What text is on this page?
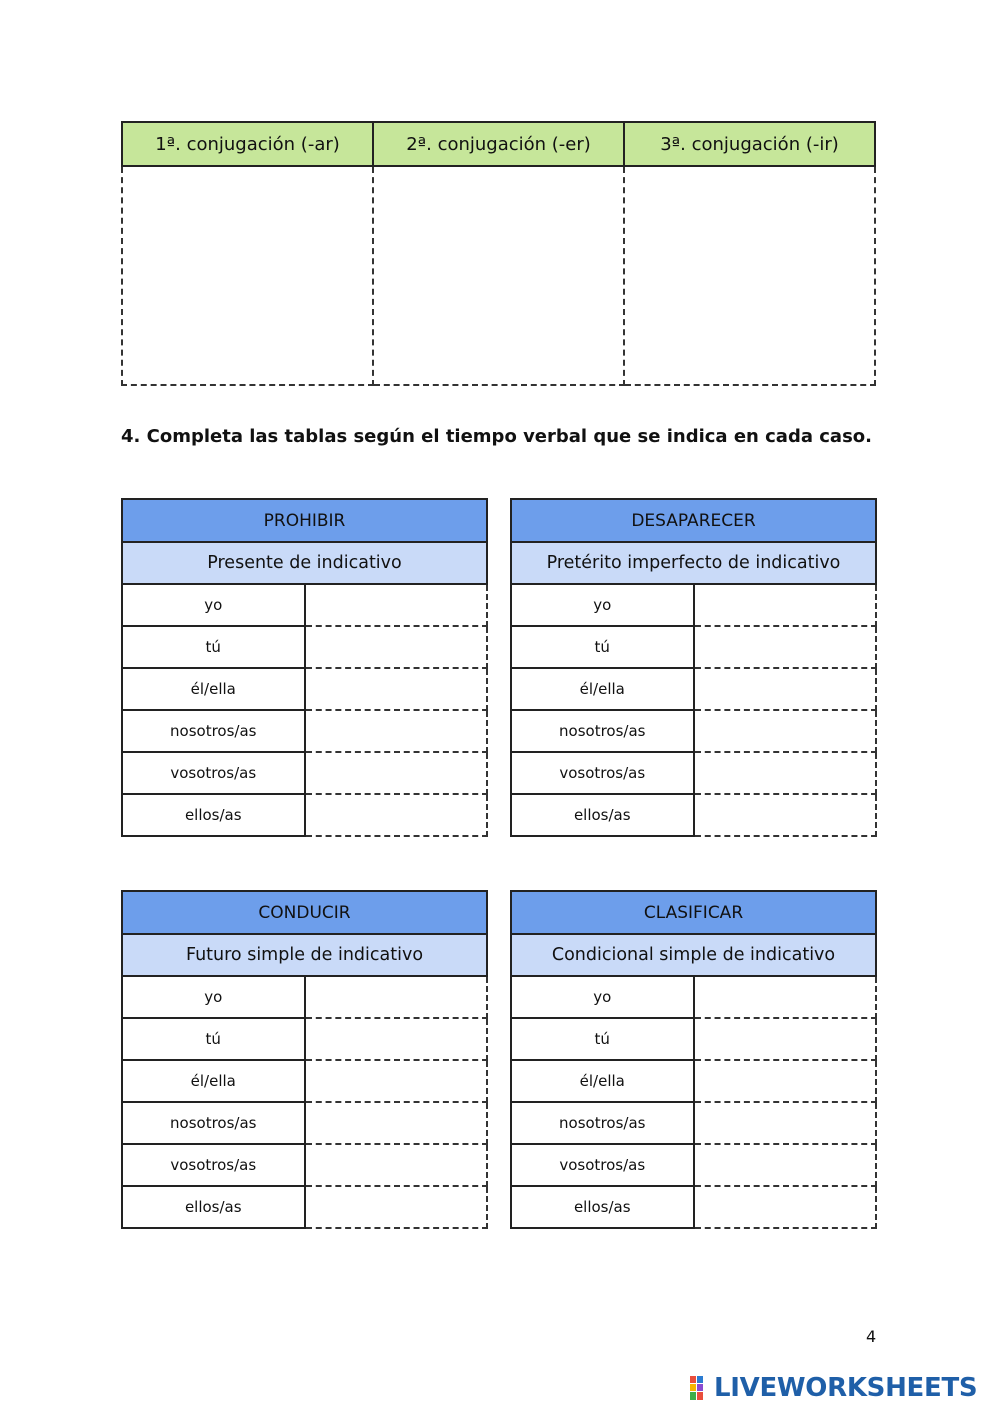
1ª. conjugación (-ar)	2ª. conjugación (-er)	3ª. conjugación (-ir)

4. Completa las tablas según el tiempo verbal que se indica en cada caso.
PROHIBIR	
Presente de indicativo	
yo	
tú	
él/ella	
nosotros/as	
vosotros/as	
ellos/as	
DESAPARECER	
Pretérito imperfecto de indicativo	
yo	
tú	
él/ella	
nosotros/as	
vosotros/as	
ellos/as	
CONDUCIR	
Futuro simple de indicativo	
yo	
tú	
él/ella	
nosotros/as	
vosotros/as	
ellos/as	
CLASIFICAR	
Condicional simple de indicativo	
yo	
tú	
él/ella	
nosotros/as	
vosotros/as	
ellos/as	
4
LIVEWORKSHEETS
